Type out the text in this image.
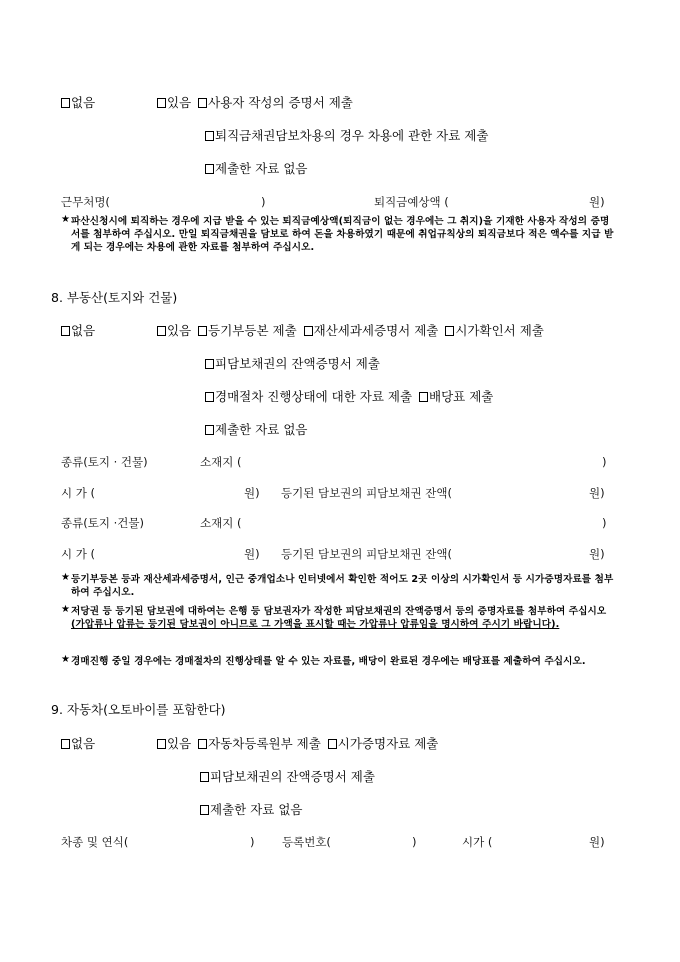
없음	있음 사용자 작성의 증명서 제출
퇴직금채권담보차용의 경우 차용에 관한 자료 제출
제출한 자료 없음
근무처명(	)	퇴직금예상액 (	원)
★ 파산신청시에 퇴직하는 경우에 지급 받을 수 있는 퇴직금예상액(퇴직금이 없는 경우에는 그 취지)을 기재한 사용자 작성의 증명서를 첨부하여 주십시오. 만일 퇴직금채권을 담보로 하여 돈을 차용하였기 때문에 취업규칙상의 퇴직금보다 적은 액수를 지급 받게 되는 경우에는 차용에 관한 자료를 첨부하여 주십시오.
8. 부동산(토지와 건물)
없음	있음 등기부등본 제출 재산세과세증명서 제출 시가확인서 제출
피담보채권의 잔액증명서 제출
경매절차 진행상태에 대한 자료 제출 배당표 제출
제출한 자료 없음
종류(토지 · 건물)	소재지 (	)
시 가 (	원) 등기된 담보권의 피담보채권 잔액(	원)
종류(토지 ·건물)	소재지 (	)
시 가 (	원) 등기된 담보권의 피담보채권 잔액(	원)
★ 등기부등본 등과 재산세과세증명서, 인근 중개업소나 인터넷에서 확인한 적어도 2곳 이상의 시가확인서 등 시가증명자료를 첨부하여 주십시오.
★ 저당권 등 등기된 담보권에 대하여는 은행 등 담보권자가 작성한 피담보채권의 잔액증명서 등의 증명자료를 첨부하여 주십시오(가압류나 압류는 등기된 담보권이 아니므로 그 가액을 표시할 때는 가압류나 압류임을 명시하여 주시기 바랍니다).
★ 경매진행 중일 경우에는 경매절차의 진행상태를 알 수 있는 자료를, 배당이 완료된 경우에는 배당표를 제출하여 주십시오.
9. 자동차(오토바이를 포함한다)
없음	있음 자동차등록원부 제출 시가증명자료 제출
피담보채권의 잔액증명서 제출
제출한 자료 없음
차종 및 연식(	) 등록번호(	)	시가 (	원)
